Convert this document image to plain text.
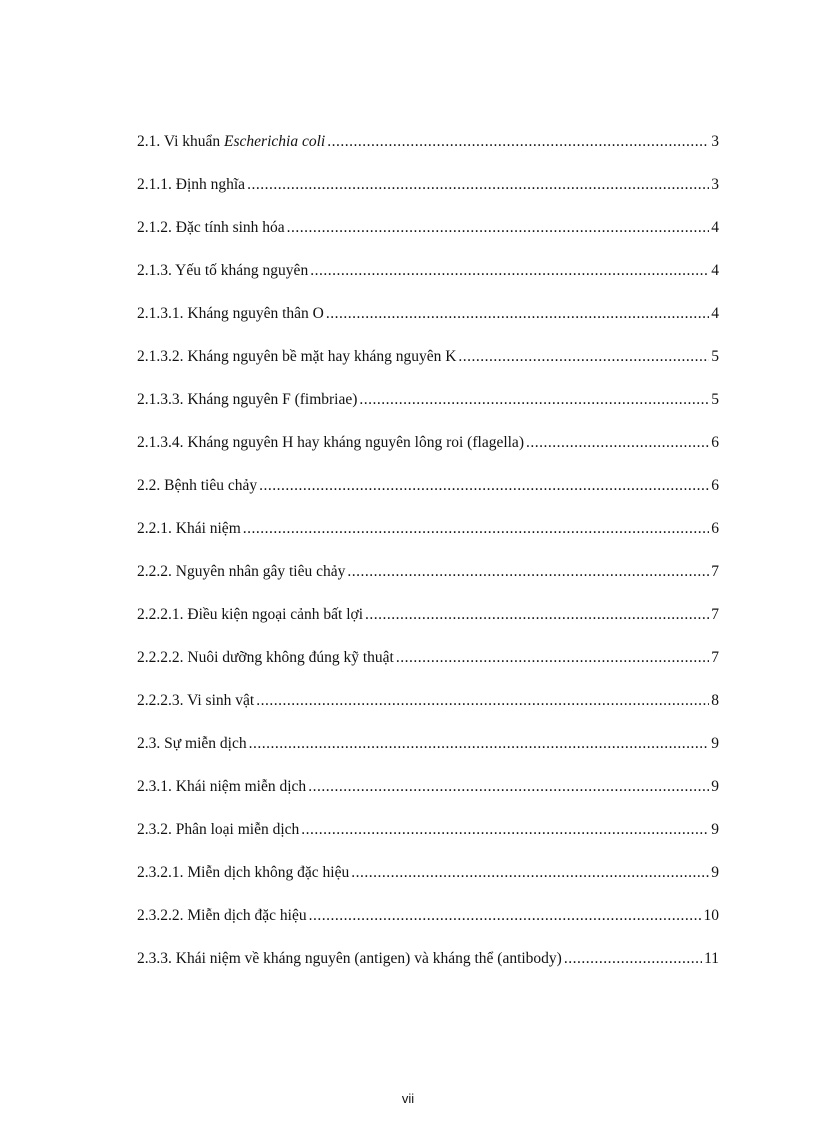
2.1. Vi khuẩn Escherichia coli .....	3
2.1.1. Định nghĩa .....	3
2.1.2. Đặc tính sinh hóa .....	4
2.1.3. Yếu tố kháng nguyên .....	4
2.1.3.1. Kháng nguyên thân O .....	4
2.1.3.2. Kháng nguyên bề mặt hay kháng nguyên K .....	5
2.1.3.3. Kháng nguyên F (fimbriae) .....	5
2.1.3.4. Kháng nguyên H hay kháng nguyên lông roi (flagella) .....	6
2.2. Bệnh tiêu chảy .....	6
2.2.1. Khái niệm .....	6
2.2.2. Nguyên nhân gây tiêu chảy .....	7
2.2.2.1. Điều kiện ngoại cảnh bất lợi .....	7
2.2.2.2. Nuôi dưỡng không đúng kỹ thuật .....	7
2.2.2.3. Vi sinh vật .....	8
2.3. Sự miễn dịch .....	9
2.3.1. Khái niệm miễn dịch .....	9
2.3.2. Phân loại miễn dịch .....	9
2.3.2.1. Miễn dịch không đặc hiệu .....	9
2.3.2.2. Miễn dịch đặc hiệu .....	10
2.3.3. Khái niệm về kháng nguyên (antigen) và kháng thể (antibody) .....	11
vii
